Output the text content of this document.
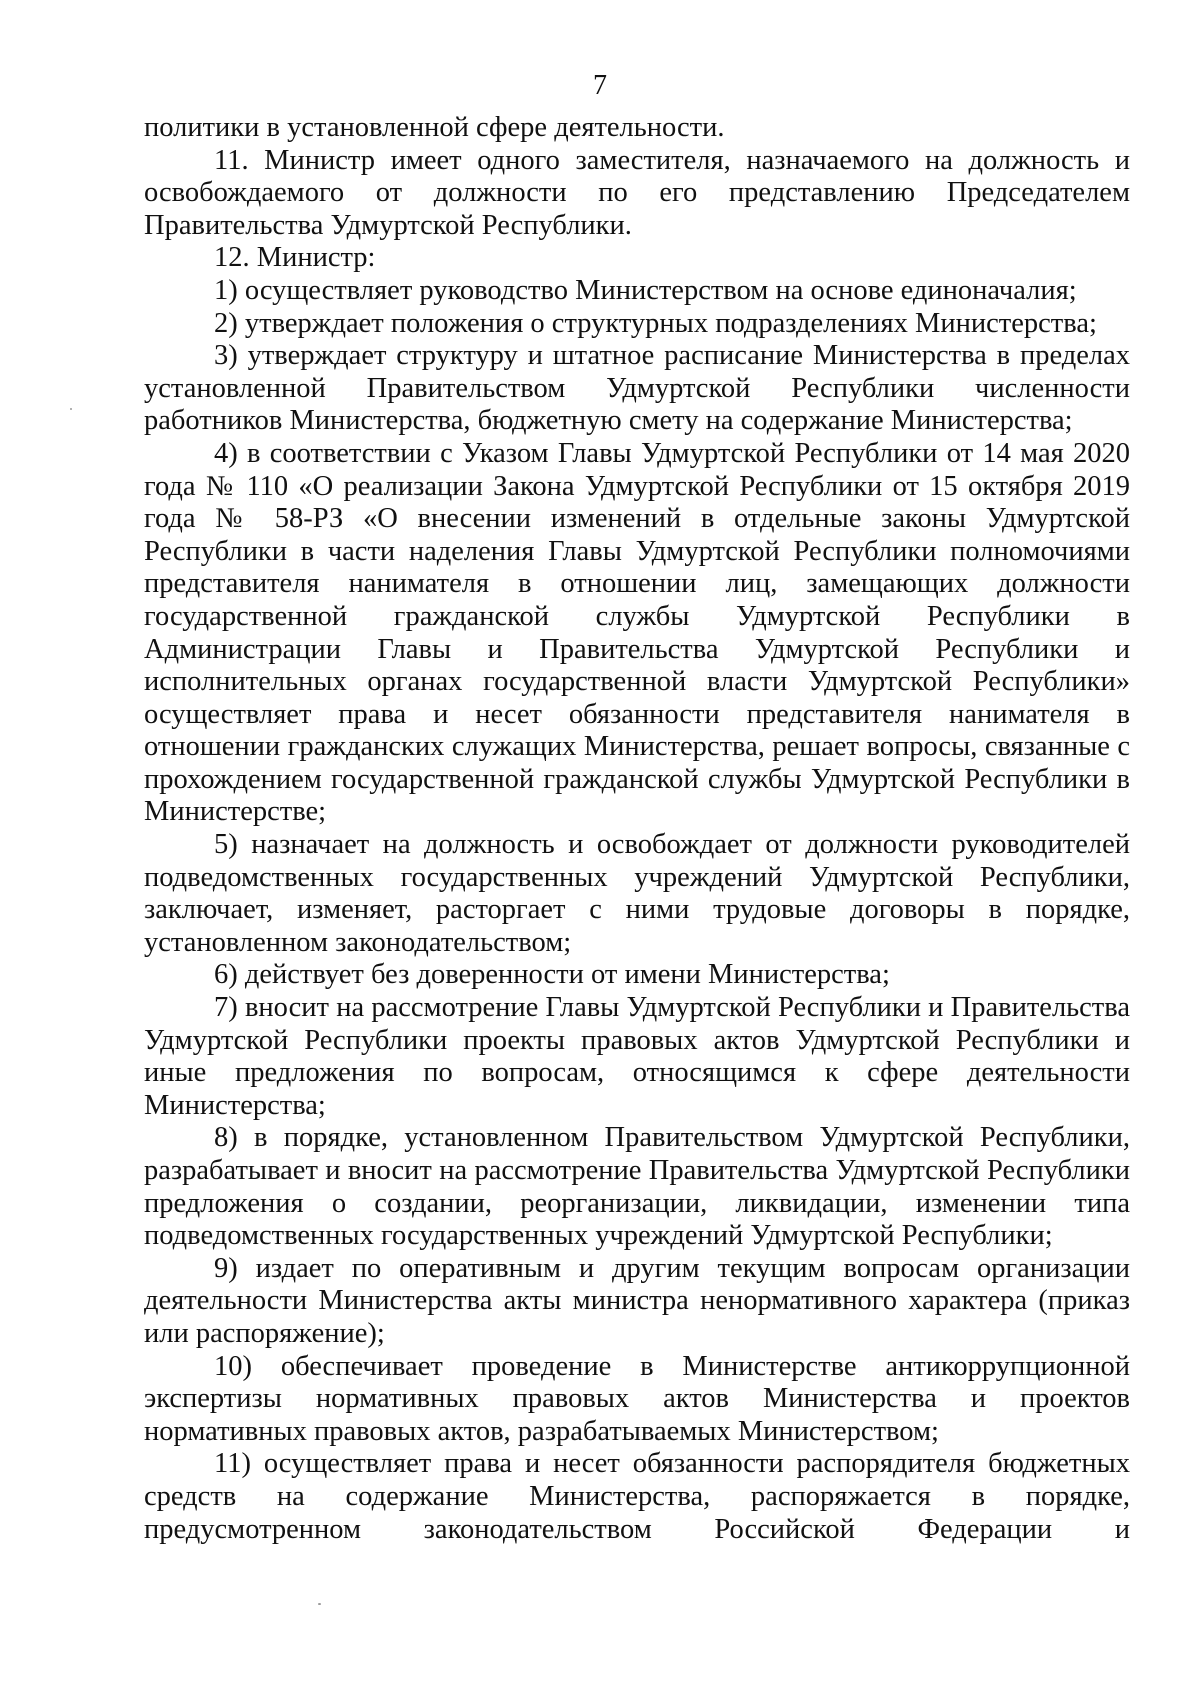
7

политики в установленной сфере деятельности.

11. Министр имеет одного заместителя, назначаемого на должность и освобождаемого от должности по его представлению Председателем Правительства Удмуртской Республики.

12. Министр:

1) осуществляет руководство Министерством на основе единоначалия;

2) утверждает положения о структурных подразделениях Министерства;

3) утверждает структуру и штатное расписание Министерства в пределах установленной Правительством Удмуртской Республики численности работников Министерства, бюджетную смету на содержание Министерства;

4) в соответствии с Указом Главы Удмуртской Республики от 14 мая 2020 года № 110 «О реализации Закона Удмуртской Республики от 15 октября 2019 года № 58-РЗ «О внесении изменений в отдельные законы Удмуртской Республики в части наделения Главы Удмуртской Республики полномочиями представителя нанимателя в отношении лиц, замещающих должности государственной гражданской службы Удмуртской Республики в Администрации Главы и Правительства Удмуртской Республики и исполнительных органах государственной власти Удмуртской Республики» осуществляет права и несет обязанности представителя нанимателя в отношении гражданских служащих Министерства, решает вопросы, связанные с прохождением государственной гражданской службы Удмуртской Республики в Министерстве;

5) назначает на должность и освобождает от должности руководителей подведомственных государственных учреждений Удмуртской Республики, заключает, изменяет, расторгает с ними трудовые договоры в порядке, установленном законодательством;

6) действует без доверенности от имени Министерства;

7) вносит на рассмотрение Главы Удмуртской Республики и Правительства Удмуртской Республики проекты правовых актов Удмуртской Республики и иные предложения по вопросам, относящимся к сфере деятельности Министерства;

8) в порядке, установленном Правительством Удмуртской Республики, разрабатывает и вносит на рассмотрение Правительства Удмуртской Республики предложения о создании, реорганизации, ликвидации, изменении типа подведомственных государственных учреждений Удмуртской Республики;

9) издает по оперативным и другим текущим вопросам организации деятельности Министерства акты министра ненормативного характера (приказ или распоряжение);

10) обеспечивает проведение в Министерстве антикоррупционной экспертизы нормативных правовых актов Министерства и проектов нормативных правовых актов, разрабатываемых Министерством;

11) осуществляет права и несет обязанности распорядителя бюджетных средств на содержание Министерства, распоряжается в порядке, предусмотренном законодательством Российской Федерации и
